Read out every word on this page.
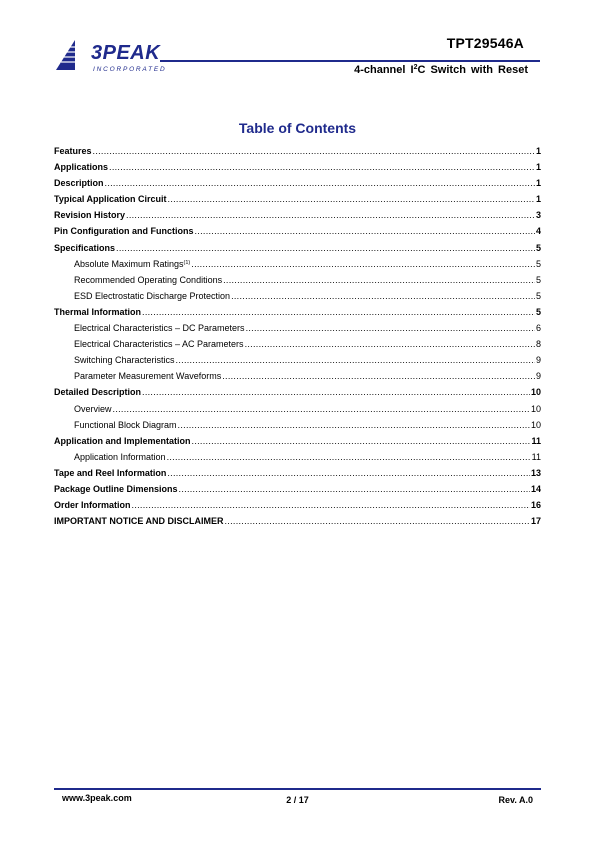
3PEAK
INCORPORATED
TPT29546A
4-channel $I^2C$ Switch with Reset
Table of Contents
Features .....	1
Applications .....	1
Description .....	1
Typical Application Circuit .....	1
Revision History .....	3
Pin Configuration and Functions .....	4
Specifications .....	5
Absolute Maximum Ratings$^{(1)}$ .....	5
Recommended Operating Conditions .....	5
ESD Electrostatic Discharge Protection .....	5
Thermal Information .....	5
Electrical Characteristics – DC Parameters .....	6
Electrical Characteristics – AC Parameters .....	8
Switching Characteristics .....	9
Parameter Measurement Waveforms .....	9
Detailed Description .....	10
Overview .....	10
Functional Block Diagram .....	10
Application and Implementation .....	11
Application Information .....	11
Tape and Reel Information .....	13
Package Outline Dimensions .....	14
Order Information .....	16
IMPORTANT NOTICE AND DISCLAIMER .....	17
www.3peak.com	2 / 17	Rev. A.0
